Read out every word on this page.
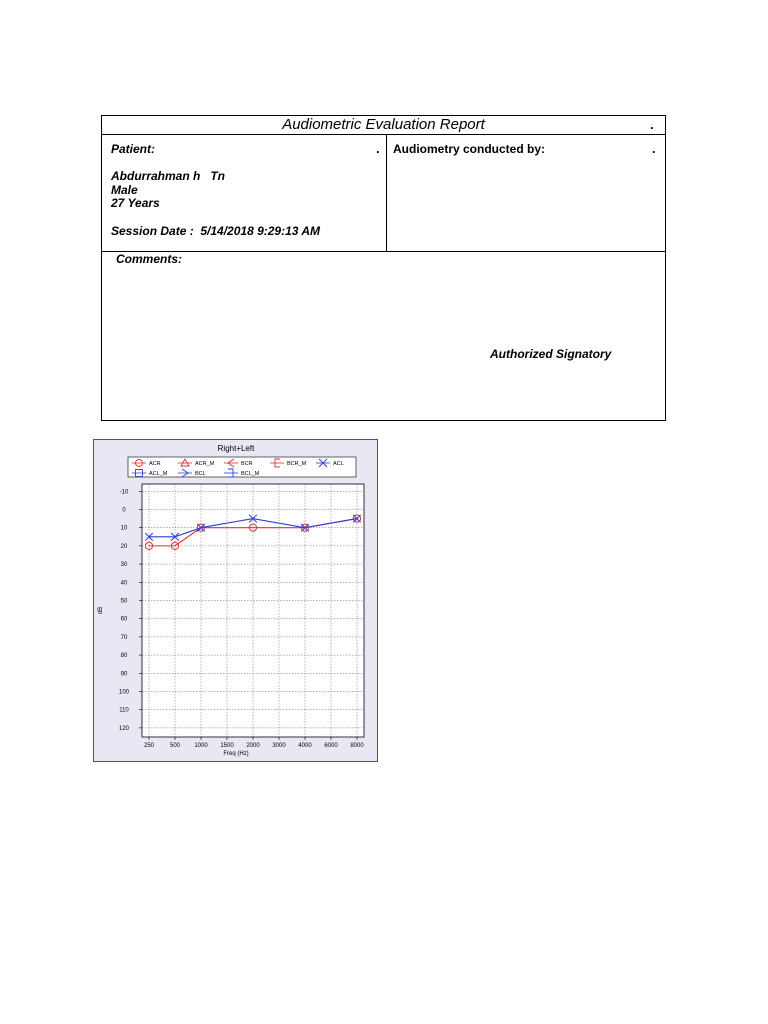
Audiometric Evaluation Report	.
Patient:	.
Abdurrahman h   Tn
Male
27 Years
Session Date :  5/14/2018 9:29:13 AM
Audiometry conducted by:	.
Comments:
Authorized Signatory
Right+Left
ACR	ACR_M	BCR	BCR_M	ACL
ACL_M	BCL	BCL_M
-10
0
10
20
30
40
50
60
70
80
90
100
110
120
250	500 1000 1500 2000 3000 4000 6000 8000
Freq (Hz)
dB
